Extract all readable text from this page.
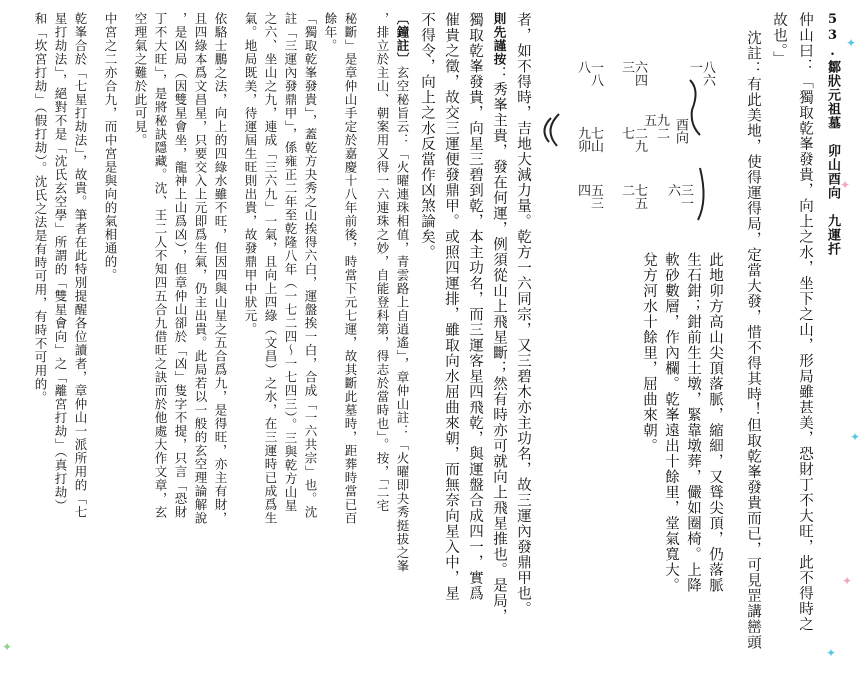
53.鄒狀元祖墓　卯山酉向　九運扦
仲山曰：「獨取乾峯發貴，向上之水，坐下之山，形局雖甚美，恐財丁不大旺，此不得時之
故也。」
沈註：有此美地，使得運得局，定當大發，惜不得其時！但取乾峯發貴而已，可見罡講巒頭
此地卯方高山尖頂落脈，縮細，又聳尖頂，仍落脈
生石鉗；鉗前生土墩，緊靠墩葬，儼如圈椅。上降
軟砂數層，作內欄。乾峯遠出十餘里，堂氣寬大。
兌方河水十餘里，屈曲來朝。
酉向
一八
　六
五九
　二
六三
　一
三六
　四
七二
　九
二七
　五
八一
　八
九七
卯山
四五
　三
者，如不得時，吉地大減力量。乾方一六同宗，又三碧木亦主功名，故三運內發鼎甲也。
則先謹按：秀峯主貴，發在何運，例須從山上飛星斷；然有時亦可就向上飛星推也。是局，
獨取乾峯發貴，向星三碧到乾，本主功名，而三運客星四飛乾，與運盤合成四一，實爲
催貴之徵，故交三運便發鼎甲。或照四運排，雖取向水屈曲來朝，而無奈向星入中，星
不得令，向上之水反當作凶煞論矣。
〔鐘註〕玄空秘旨云：「火曜連珠相值，青雲路上自逍遙」，章仲山註：「火曜即夬秀挺拔之峯
，排立於主山、朝案用又得一六連珠之妙，自能登科第，得志於當時也」。按，「二宅
秘斷」是章仲山手定於嘉慶十八年前後，時當下元七運，故其斷此墓時，距葬時當已百
餘年。
「獨取乾峯發貴」，蓋乾方夬秀之山挨得六白，運盤挨一白，合成「一六共宗」也。沈
註「三運內發鼎甲」，係雍正二年至乾隆八年（一七二四～一七四三）。三與乾方山星
之六、坐山之九，連成「三六九」一氣，且向上四綠（文昌）之水，在三運時已成爲生
氣。地局既美，待運屆生旺則出貴，故發鼎甲中狀元。
依駱士鵬之法，向上的四綠水雖不旺，但因四與山星之五合爲九，是得旺，亦主有財，
且四綠本爲文昌星，只要交入上元即爲生氣，仍主出貴。此局若以一般的玄空理論解說
，是凶局（因雙星會坐，龍神上山爲凶），但章仲山卻於「凶」隻字不提，只言「恐財
丁不大旺」，是將秘訣隱藏。沈、王二人不知四五合九借旺之訣而於他處大作文章，玄
空理氣之難於此可見。
中宮之二亦合九，而中宮是與向的氣相通的。
乾峯合於「七星打劫法」，故貴。筆者在此特別提醒各位讀者，章仲山一派所用的「七
星打劫法」，絕對不是「沈氏玄空學」所謂的「雙星會向」之「離宮打劫」（真打劫）
和「坎宮打劫」（假打劫）。沈氏之法是有時可用，有時不可用的。	✦
✦
✦
✦
✦
✦
